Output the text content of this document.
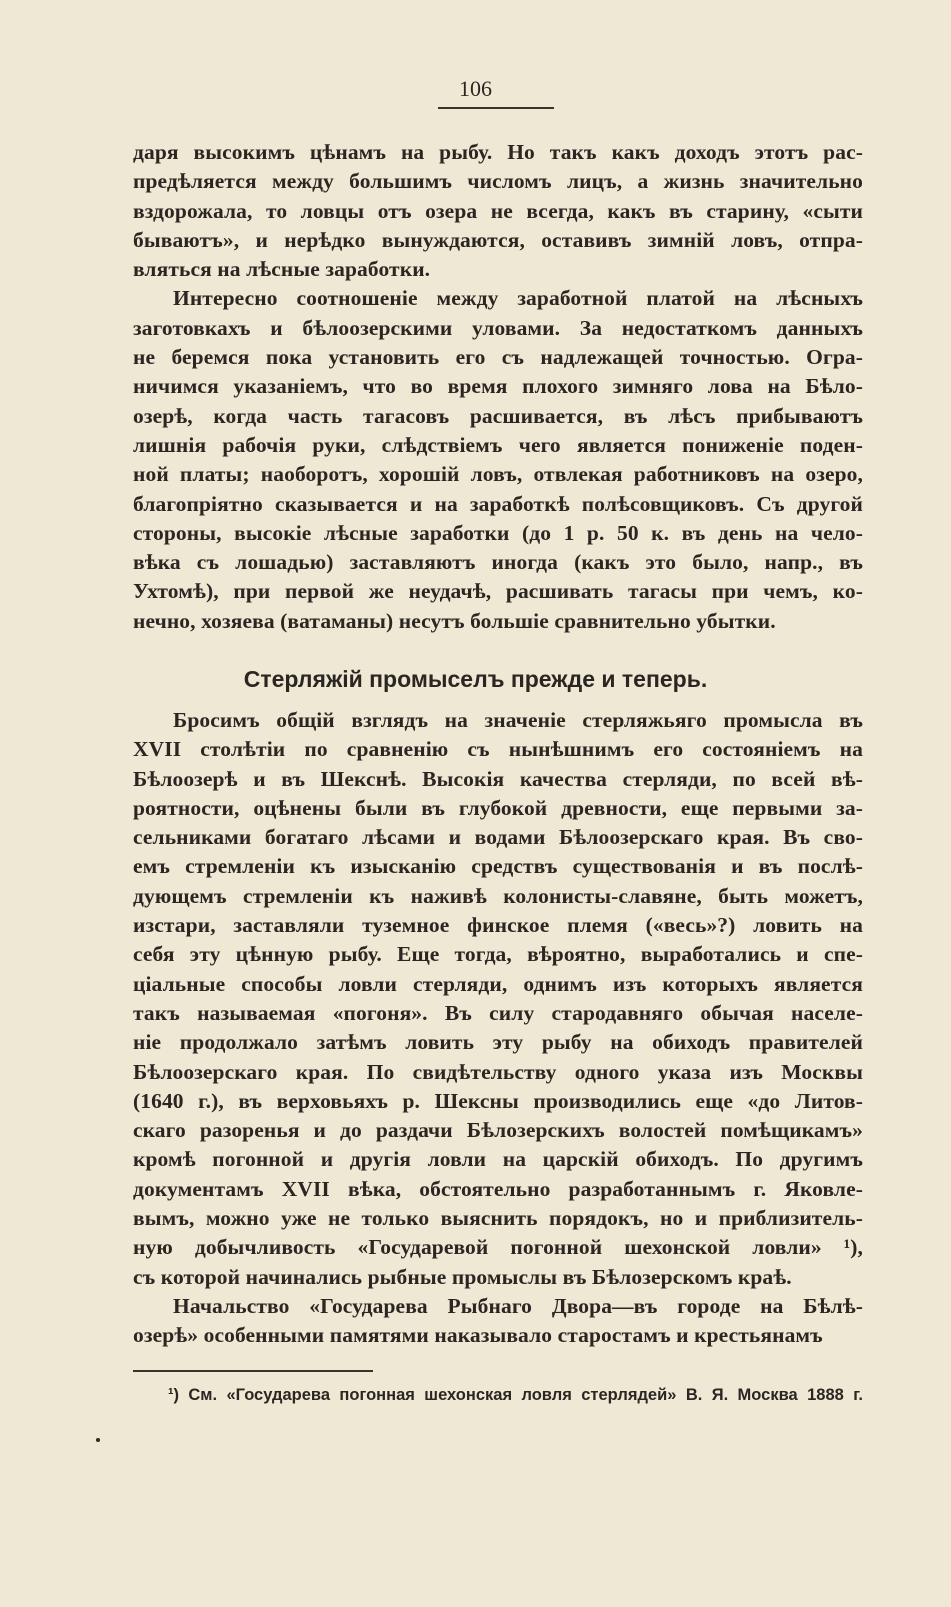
106
даря высокимъ цѣнамъ на рыбу. Но такъ какъ доходъ этотъ рас-
предѣляется между большимъ числомъ лицъ, а жизнь значительно
вздорожала, то ловцы отъ озера не всегда, какъ въ старину, «сыти
бываютъ», и нерѣдко вынуждаются, оставивъ зимній ловъ, отпра-
вляться на лѣсные заработки.
Интересно соотношеніе между заработной платой на лѣсныхъ
заготовкахъ и бѣлоозерскими уловами. За недостаткомъ данныхъ
не беремся пока установить его съ надлежащей точностью. Огра-
ничимся указаніемъ, что во время плохого зимняго лова на Бѣло-
озерѣ, когда часть тагасовъ расшивается, въ лѣсъ прибываютъ
лишнія рабочія руки, слѣдствіемъ чего является пониженіе поден-
ной платы; наоборотъ, хорошій ловъ, отвлекая работниковъ на озеро,
благопріятно сказывается и на заработкѣ полѣсовщиковъ. Съ другой
стороны, высокіе лѣсные заработки (до 1 р. 50 к. въ день на чело-
вѣка съ лошадью) заставляютъ иногда (какъ это было, напр., въ
Ухтомѣ), при первой же неудачѣ, расшивать тагасы при чемъ, ко-
нечно, хозяева (ватаманы) несутъ большіе сравнительно убытки.
Стерляжій промыселъ прежде и теперь.
Бросимъ общій взглядъ на значеніе стерляжьяго промысла въ
XVII столѣтіи по сравненію съ нынѣшнимъ его состояніемъ на
Бѣлоозерѣ и въ Шекснѣ. Высокія качества стерляди, по всей вѣ-
роятности, оцѣнены были въ глубокой древности, еще первыми за-
сельниками богатаго лѣсами и водами Бѣлоозерскаго края. Въ сво-
емъ стремленіи къ изысканію средствъ существованія и въ послѣ-
дующемъ стремленіи къ наживѣ колонисты-славяне, быть можетъ,
изстари, заставляли туземное финское племя («весь»?) ловить на
себя эту цѣнную рыбу. Еще тогда, вѣроятно, выработались и спе-
ціальные способы ловли стерляди, однимъ изъ которыхъ является
такъ называемая «погоня». Въ силу стародавняго обычая населе-
ніе продолжало затѣмъ ловить эту рыбу на обиходъ правителей
Бѣлоозерскаго края. По свидѣтельству одного указа изъ Москвы
(1640 г.), въ верховьяхъ р. Шексны производились еще «до Литов-
скаго разоренья и до раздачи Бѣлозерскихъ волостей помѣщикамъ»
кромѣ погонной и другія ловли на царскій обиходъ. По другимъ
документамъ XVII вѣка, обстоятельно разработаннымъ г. Яковле-
вымъ, можно уже не только выяснить порядокъ, но и приблизитель-
ную добычливость «Государевой погонной шехонской ловли» ¹),
съ которой начинались рыбные промыслы въ Бѣлозерскомъ краѣ.
Начальство «Государева Рыбнаго Двора—въ городе на Бѣлѣ-
озерѣ» особенными памятями наказывало старостамъ и крестьянамъ
¹) См. «Государева погонная шехонская ловля стерлядей» В. Я. Москва 1888 г.
